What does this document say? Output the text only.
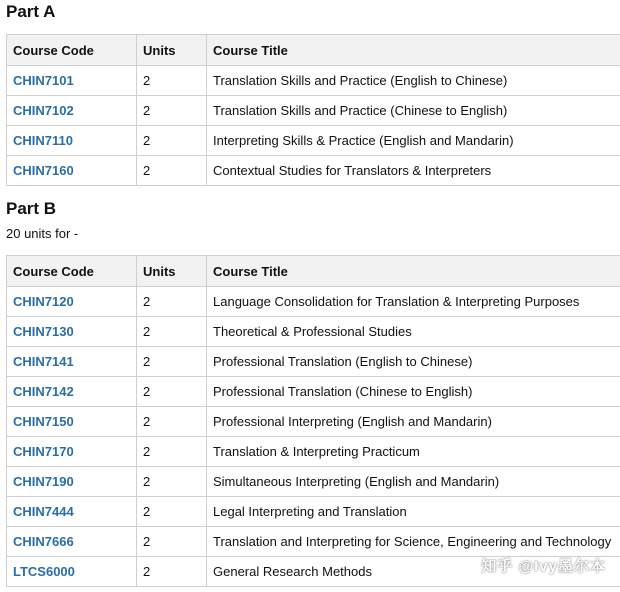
Part A
Course Code	Units	Course Title
CHIN7101	2	Translation Skills and Practice (English to Chinese)
CHIN7102	2	Translation Skills and Practice (Chinese to English)
CHIN7110	2	Interpreting Skills & Practice (English and Mandarin)
CHIN7160	2	Contextual Studies for Translators & Interpreters
Part B
20 units for -
Course Code	Units	Course Title
CHIN7120	2	Language Consolidation for Translation & Interpreting Purposes
CHIN7130	2	Theoretical & Professional Studies
CHIN7141	2	Professional Translation (English to Chinese)
CHIN7142	2	Professional Translation (Chinese to English)
CHIN7150	2	Professional Interpreting (English and Mandarin)
CHIN7170	2	Translation & Interpreting Practicum
CHIN7190	2	Simultaneous Interpreting (English and Mandarin)
CHIN7444	2	Legal Interpreting and Translation
CHIN7666	2	Translation and Interpreting for Science, Engineering and Technology
LTCS6000	2	General Research Methods	知乎 @Ivy墨尔本
